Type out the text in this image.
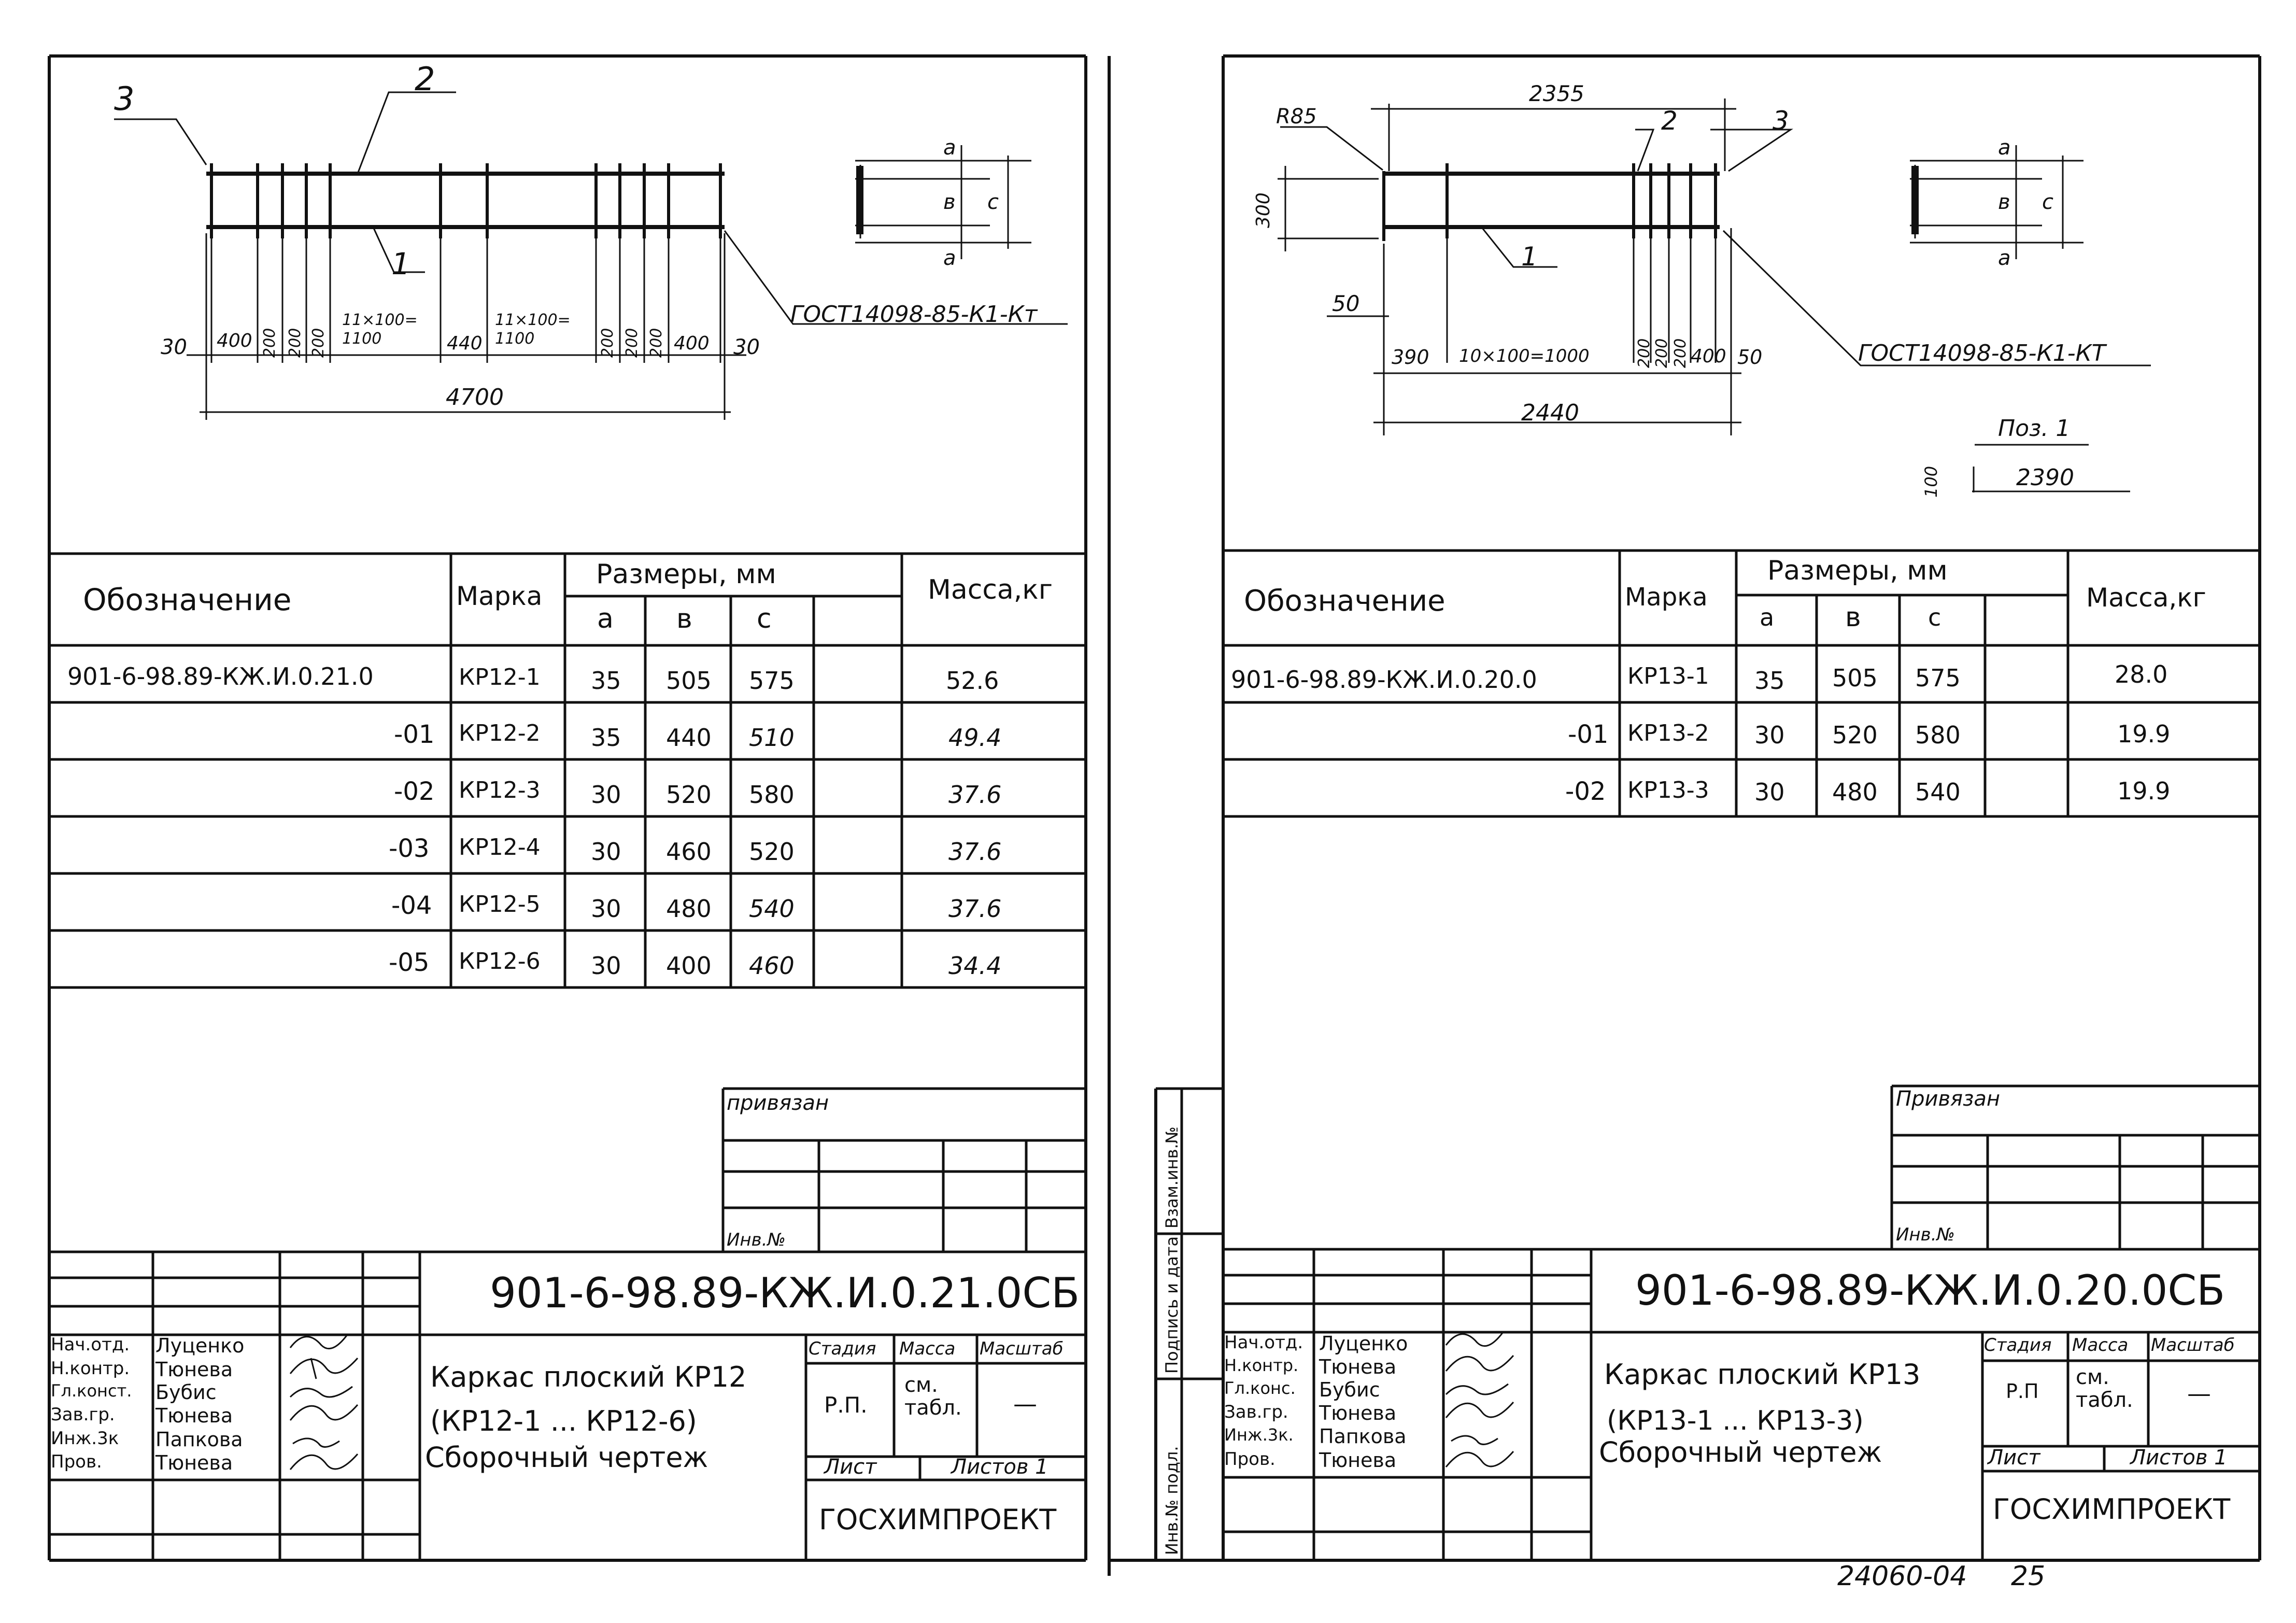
3
2
1
ГОСТ14098-85-К1-Кт
30 400 200 200 200
11×100=
1100	440
11×100=
1100	200 200 200 400 30
4700
а
в с
а
Обозначение	Марка
Размеры, мм
а в с
Масса,кг
901-6-98.89-КЖ.И.0.21.0	КР12-1 35 505 575	52.6
-01 КР12-2 35 440 510	49.4
-02 КР12-3 30 520 580	37.6
-03 КР12-4 30 460 520	37.6
-04 КР12-5 30 480 540	37.6
-05 КР12-6 30 400 460	34.4
привязан
Инв.№
901-6-98.89-КЖ.И.0.21.0СБ
Каркас плоский КР12
(КР12-1 ... КР12-6)
Сборочный чертеж
Стадия Масса Масштаб
Р.П.
см.
табл. —
Лист	Листов 1
ГОСХИМПРОЕКТ
Нач.отд. Луценко
Н.контр. Тюнева
Гл.конст. Бубис
Зав.гр. Тюнева
Инж.3к Папкова
Пров.	Тюнева
R85
2355
2	3
1
300
50
ГОСТ14098-85-К1-КТ
390 10×100=1000	200 200 200 400 50
2440
Поз. 1
100	2390
а
в с
а
Обозначение	Марка
Размеры, мм
а	в	с
Масса,кг
901-6-98.89-КЖ.И.0.20.0	КР13-1 35 505 575	28.0
-01 КР13-2 30 520 580	19.9
-02 КР13-3 30 480 540	19.9
Привязан
Инв.№
901-6-98.89-КЖ.И.0.20.0СБ
Каркас плоский КР13
(КР13-1 ... КР13-3)
Сборочный чертеж
Стадия Масса Масштаб
Р.П
см.
табл. —
Лист	Листов 1
ГОСХИМПРОЕКТ
Нач.отд. Луценко
Н.контр. Тюнева
Гл.конс. Бубис
Зав.гр. Тюнева
Инж.3к. Папкова
Пров. Тюнева
Взам.инв.№
Подпись и дата
Инв.№ подл.
24060-04 25
